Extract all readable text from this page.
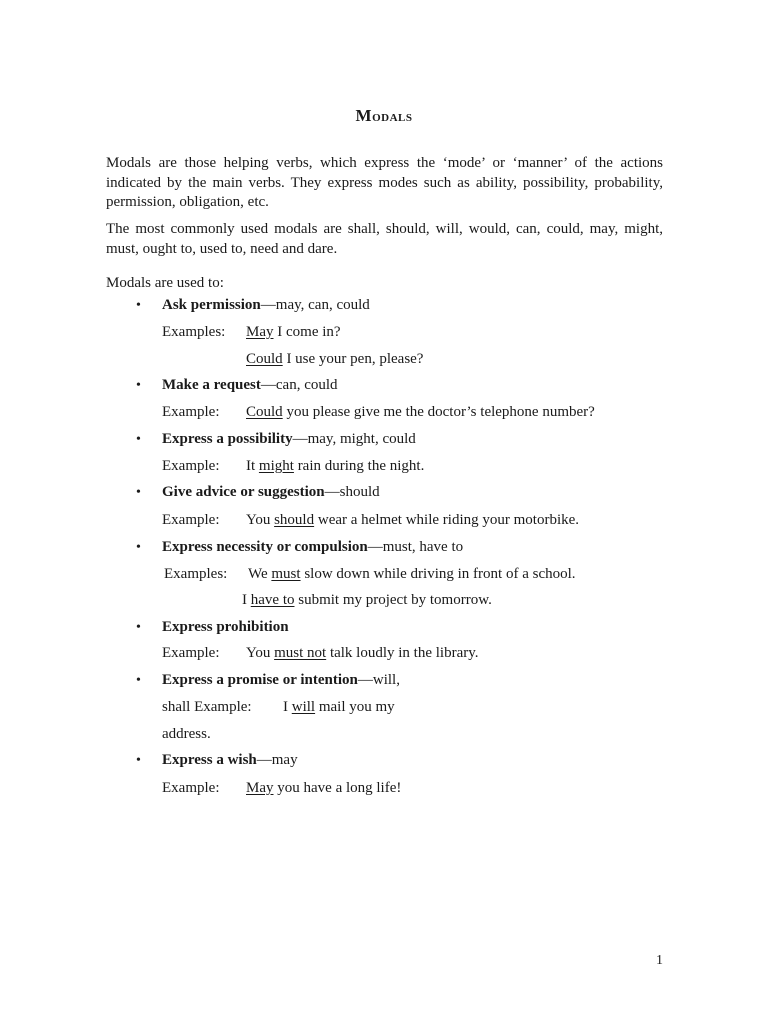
MODALS

Modals are those helping verbs, which express the ‘mode’ or ‘manner’ of the actions indicated by the main verbs. They express modes such as ability, possibility, probability, permission, obligation, etc.

The most commonly used modals are shall, should, will, would, can, could, may, might, must, ought to, used to, need and dare.

Modals are used to:

• Ask permission—may, can, could
Examples: May I come in?
Could I use your pen, please?
• Make a request—can, could
Example: Could you please give me the doctor’s telephone number?
• Express a possibility—may, might, could
Example: It might rain during the night.
• Give advice or suggestion—should
Example: You should wear a helmet while riding your motorbike.
• Express necessity or compulsion—must, have to
Examples: We must slow down while driving in front of a school.
I have to submit my project by tomorrow.
• Express prohibition
Example: You must not talk loudly in the library.
• Express a promise or intention—will,
shall Example: I will mail you my
address.
• Express a wish—may
Example: May you have a long life!
1
